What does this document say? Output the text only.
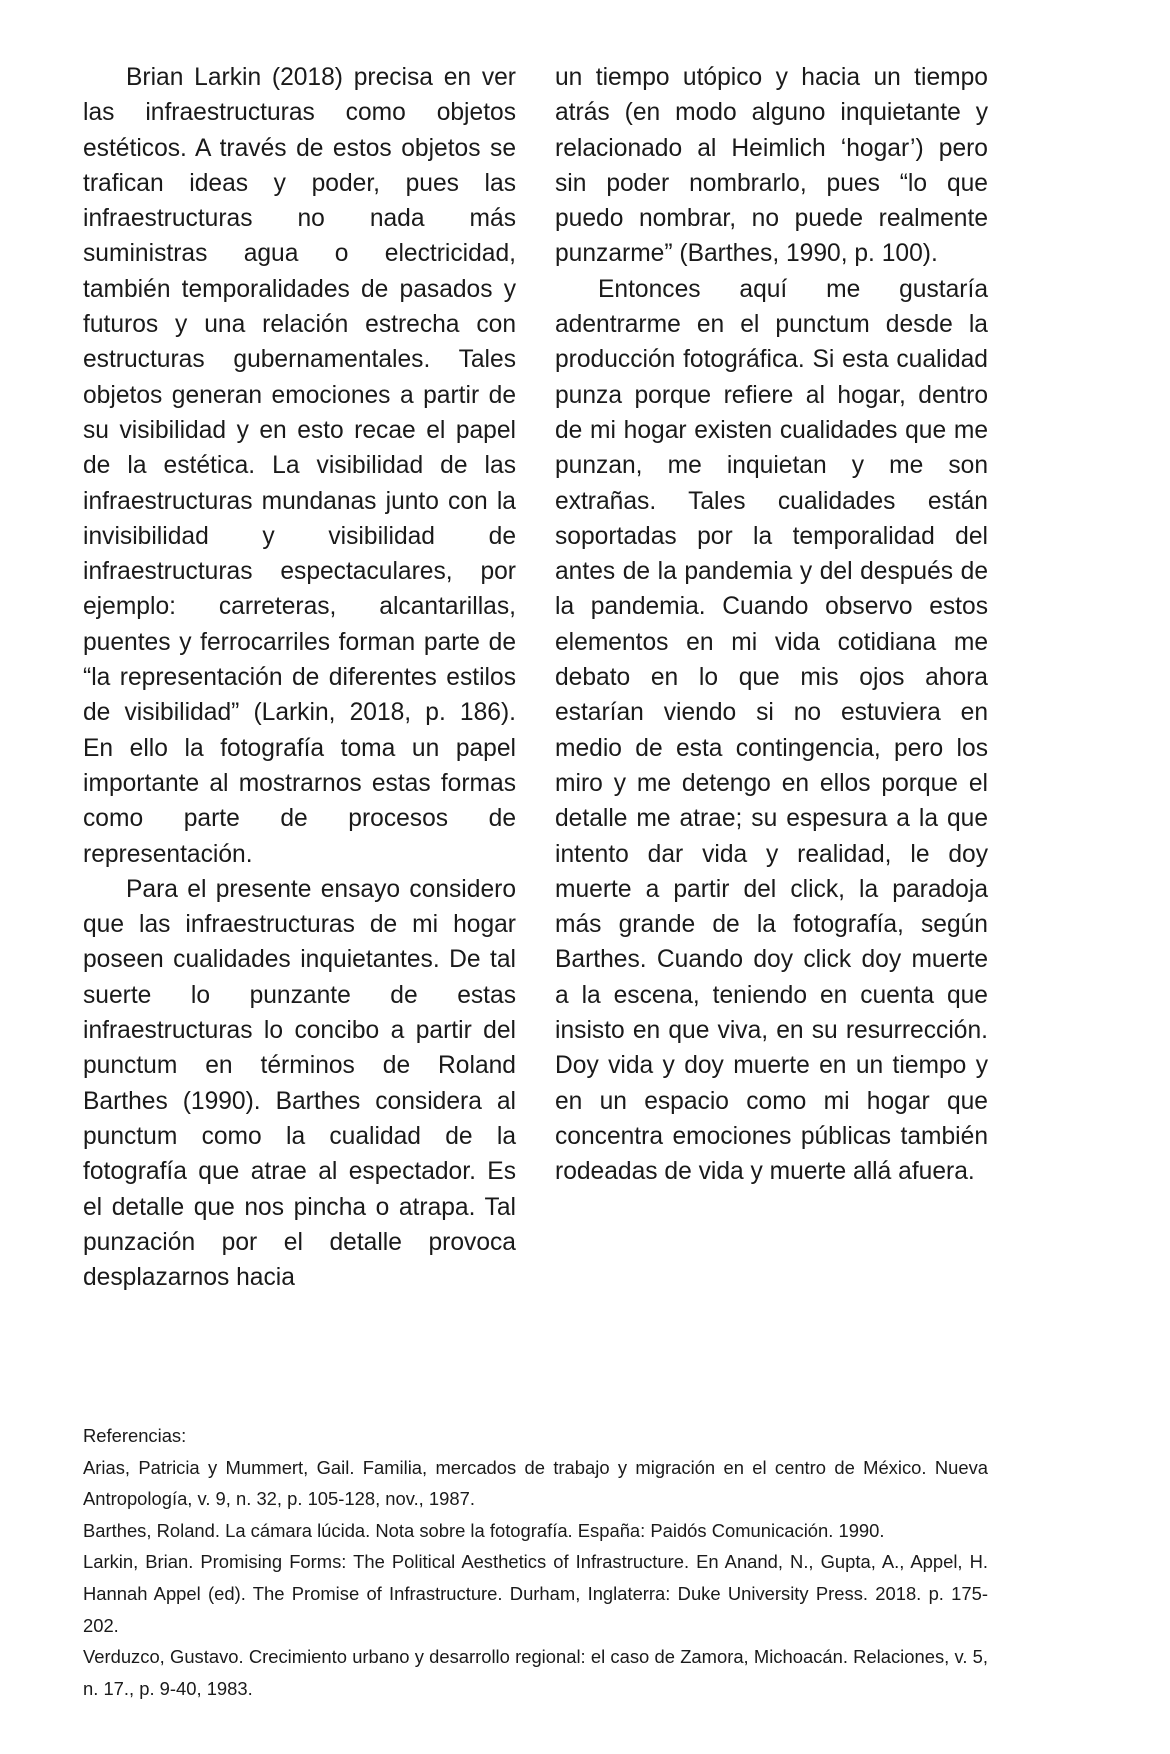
Brian Larkin (2018) precisa en ver las infraestructuras como objetos estéticos. A través de estos objetos se trafican ideas y poder, pues las infraestructuras no nada más suministras agua o electricidad, también temporalidades de pasados y futuros y una relación estrecha con estructuras gubernamentales. Tales objetos generan emociones a partir de su visibilidad y en esto recae el papel de la estética. La visibilidad de las infraestructuras mundanas junto con la invisibilidad y visibilidad de infraestructuras espectaculares, por ejemplo: carreteras, alcantarillas, puentes y ferrocarriles forman parte de “la representación de diferentes estilos de visibilidad” (Larkin, 2018, p. 186). En ello la fotografía toma un papel importante al mostrarnos estas formas como parte de procesos de representación.

Para el presente ensayo considero que las infraestructuras de mi hogar poseen cualidades inquietantes. De tal suerte lo punzante de estas infraestructuras lo concibo a partir del punctum en términos de Roland Barthes (1990). Barthes considera al punctum como la cualidad de la fotografía que atrae al espectador. Es el detalle que nos pincha o atrapa. Tal punzación por el detalle provoca desplazarnos hacia

un tiempo utópico y hacia un tiempo atrás (en modo alguno inquietante y relacionado al Heimlich ‘hogar’) pero sin poder nombrarlo, pues “lo que puedo nombrar, no puede realmente punzarme” (Barthes, 1990, p. 100).

Entonces aquí me gustaría adentrarme en el punctum desde la producción fotográfica. Si esta cualidad punza porque refiere al hogar, dentro de mi hogar existen cualidades que me punzan, me inquietan y me son extrañas. Tales cualidades están soportadas por la temporalidad del antes de la pandemia y del después de la pandemia. Cuando observo estos elementos en mi vida cotidiana me debato en lo que mis ojos ahora estarían viendo si no estuviera en medio de esta contingencia, pero los miro y me detengo en ellos porque el detalle me atrae; su espesura a la que intento dar vida y realidad, le doy muerte a partir del click, la paradoja más grande de la fotografía, según Barthes. Cuando doy click doy muerte a la escena, teniendo en cuenta que insisto en que viva, en su resurrección. Doy vida y doy muerte en un tiempo y en un espacio como mi hogar que concentra emociones públicas también rodeadas de vida y muerte allá afuera.

Referencias:

Arias, Patricia y Mummert, Gail. Familia, mercados de trabajo y migración en el centro de México. Nueva Antropología, v. 9, n. 32, p. 105-128, nov., 1987.

Barthes, Roland. La cámara lúcida. Nota sobre la fotografía. España: Paidós Comunicación. 1990.

Larkin, Brian. Promising Forms: The Political Aesthetics of Infrastructure. En Anand, N., Gupta, A., Appel, H. Hannah Appel (ed). The Promise of Infrastructure. Durham, Inglaterra: Duke University Press. 2018. p. 175-202.

Verduzco, Gustavo. Crecimiento urbano y desarrollo regional: el caso de Zamora, Michoacán. Relaciones, v. 5, n. 17., p. 9-40, 1983.
